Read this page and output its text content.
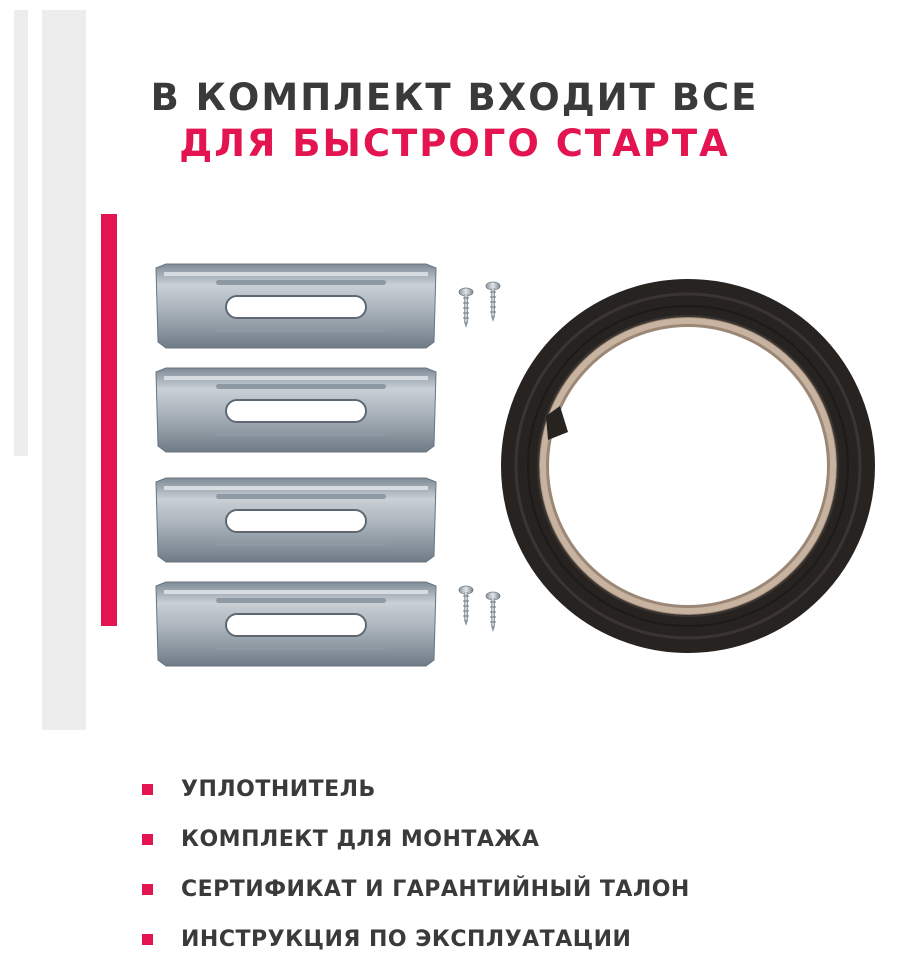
В КОМПЛЕКТ ВХОДИТ ВСЕ
ДЛЯ БЫСТРОГО СТАРТА
УПЛОТНИТЕЛЬ
КОМПЛЕКТ ДЛЯ МОНТАЖА
СЕРТИФИКАТ И ГАРАНТИЙНЫЙ ТАЛОН
ИНСТРУКЦИЯ ПО ЭКСПЛУАТАЦИИ
